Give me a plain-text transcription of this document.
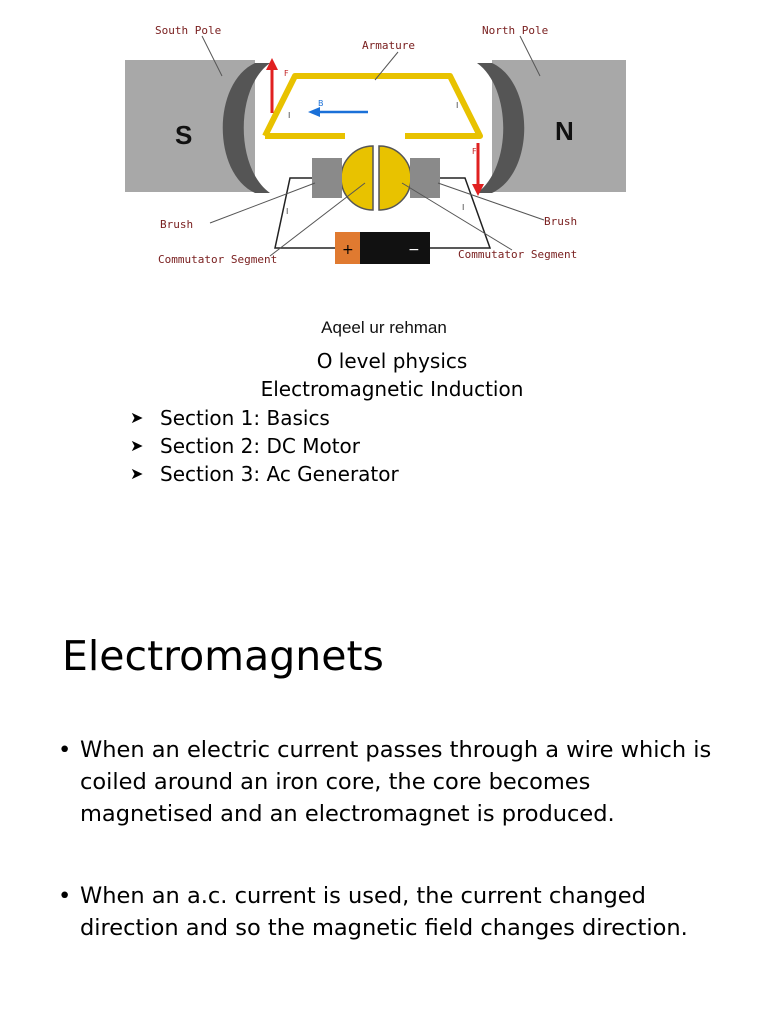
+	−
S	N
F
F
I
I
I	I
B
South Pole	North Pole
Armature
Brush	Brush
Commutator Segment	Commutator Segment
Aqeel ur rehman
O level physics
Electromagnetic Induction
➤ Section 1: Basics
➤ Section 2: DC Motor
➤ Section 3: Ac Generator
Electromagnets
• When an electric current passes through a wire which is coiled around an iron core, the core becomes magnetised and an electromagnet is produced.
• When an a.c. current is used, the current changed direction and so the magnetic field changes direction.
